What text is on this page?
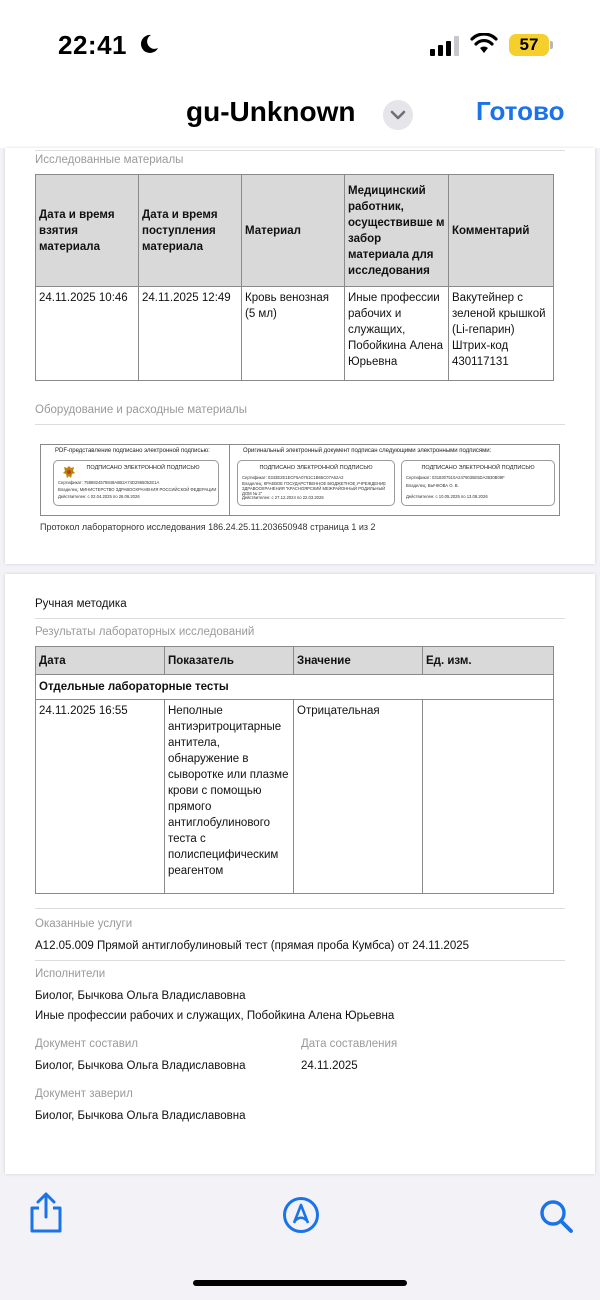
22:41	57
gu-Unknown	Готово
Исследованные материалы
Дата и время взятия материала	Дата и время поступления материала	Материал	Медицинский работник, осуществивше м забор материала для исследования	Комментарий
24.11.2025 10:46	24.11.2025 12:49	Кровь венозная (5 мл)	Иные профессии рабочих и служащих, Побойкина Алена Юрьевна	Вакутейнер с зеленой крышкой (Li-гепарин) Штрих-код 430117131
Оборудование и расходные материалы
PDF-представление подписано электронной подписью:	Оригинальный электронный документ подписан следующими электронными подписями:
ПОДПИСАНО ЭЛЕКТРОННОЙ ПОДПИСЬЮ
Сертификат: 7588824578848A8B2A74D2965052E1A
Владелец: МИНИСТЕРСТВО ЗДРАВООХРАНЕНИЯ РОССИЙСКОЙ ФЕДЕРАЦИИ
Действителен: с 02.04.2025 по 26.06.2026
ПОДПИСАНО ЭЛЕКТРОННОЙ ПОДПИСЬЮ
Сертификат: 0343E2E1ECF5A0761C1B65C07A62A2
Владелец: КРАЕВОЕ ГОСУДАРСТВЕННОЕ БЮДЖЕТНОЕ УЧРЕЖДЕНИЕ ЗДРАВООХРАНЕНИЯ "КРАСНОЯРСКИЙ МЕЖРАЙОННЫЙ РОДИЛЬНЫЙ ДОМ № 2"
Действителен: с 27.12.2024 по 22.03.2026
ПОДПИСАНО ЭЛЕКТРОННОЙ ПОДПИСЬЮ
Сертификат: 0318307510A2479035E5DA3630B09F
Владелец: БЫЧКОВА О. В.
Действителен: с 10.05.2025 по 13.08.2026
Протокол лабораторного исследования 186.24.25.11.203650948 страница 1 из 2
Ручная методика
Результаты лабораторных исследований
Дата	Показатель	Значение	Ед. изм.
Отдельные лабораторные тесты			
24.11.2025 16:55	Неполные антиэритроцитарные антитела, обнаружение в сыворотке или плазме крови с помощью прямого антиглобулинового теста с полиспецифическим реагентом	Отрицательная	
Оказанные услуги
A12.05.009 Прямой антиглобулиновый тест (прямая проба Кумбса) от 24.11.2025
Исполнители
Биолог, Бычкова Ольга Владиславовна
Иные профессии рабочих и служащих, Побойкина Алена Юрьевна
Документ составил	Дата составления
Биолог, Бычкова Ольга Владиславовна	24.11.2025
Документ заверил
Биолог, Бычкова Ольга Владиславовна
